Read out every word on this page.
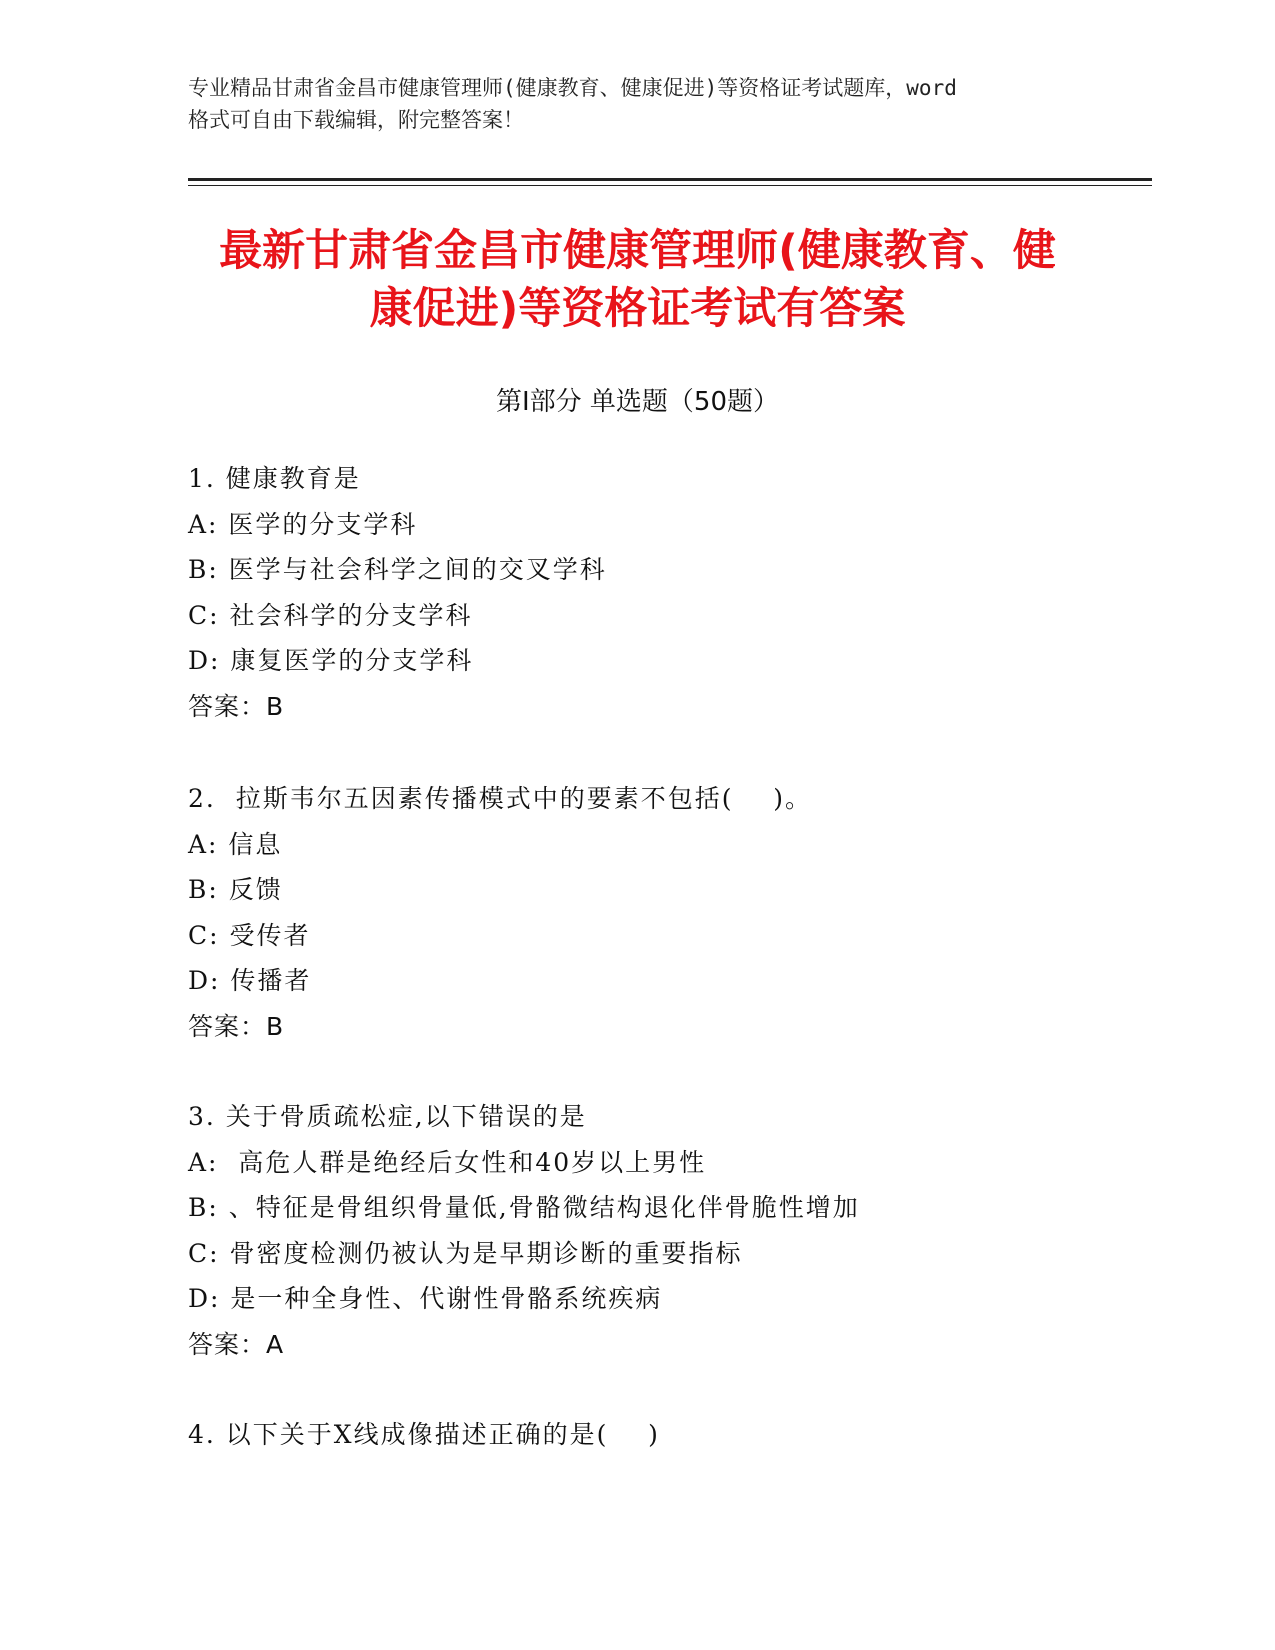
专业精品甘肃省金昌市健康管理师(健康教育、健康促进)等资格证考试题库，word
格式可自由下载编辑，附完整答案！
最新甘肃省金昌市健康管理师(健康教育、健
康促进)等资格证考试有答案
第Ⅰ部分 单选题（50题）
1. 健康教育是
A: 医学的分支学科
B: 医学与社会科学之间的交叉学科
C: 社会科学的分支学科
D: 康复医学的分支学科
答案：B
2.  拉斯韦尔五因素传播模式中的要素不包括(    )。
A: 信息
B: 反馈
C: 受传者
D: 传播者
答案：B
3. 关于骨质疏松症,以下错误的是
A:  高危人群是绝经后女性和40岁以上男性
B: 、特征是骨组织骨量低,骨骼微结构退化伴骨脆性增加
C: 骨密度检测仍被认为是早期诊断的重要指标
D: 是一种全身性、代谢性骨骼系统疾病
答案：A
4. 以下关于X线成像描述正确的是(    )
